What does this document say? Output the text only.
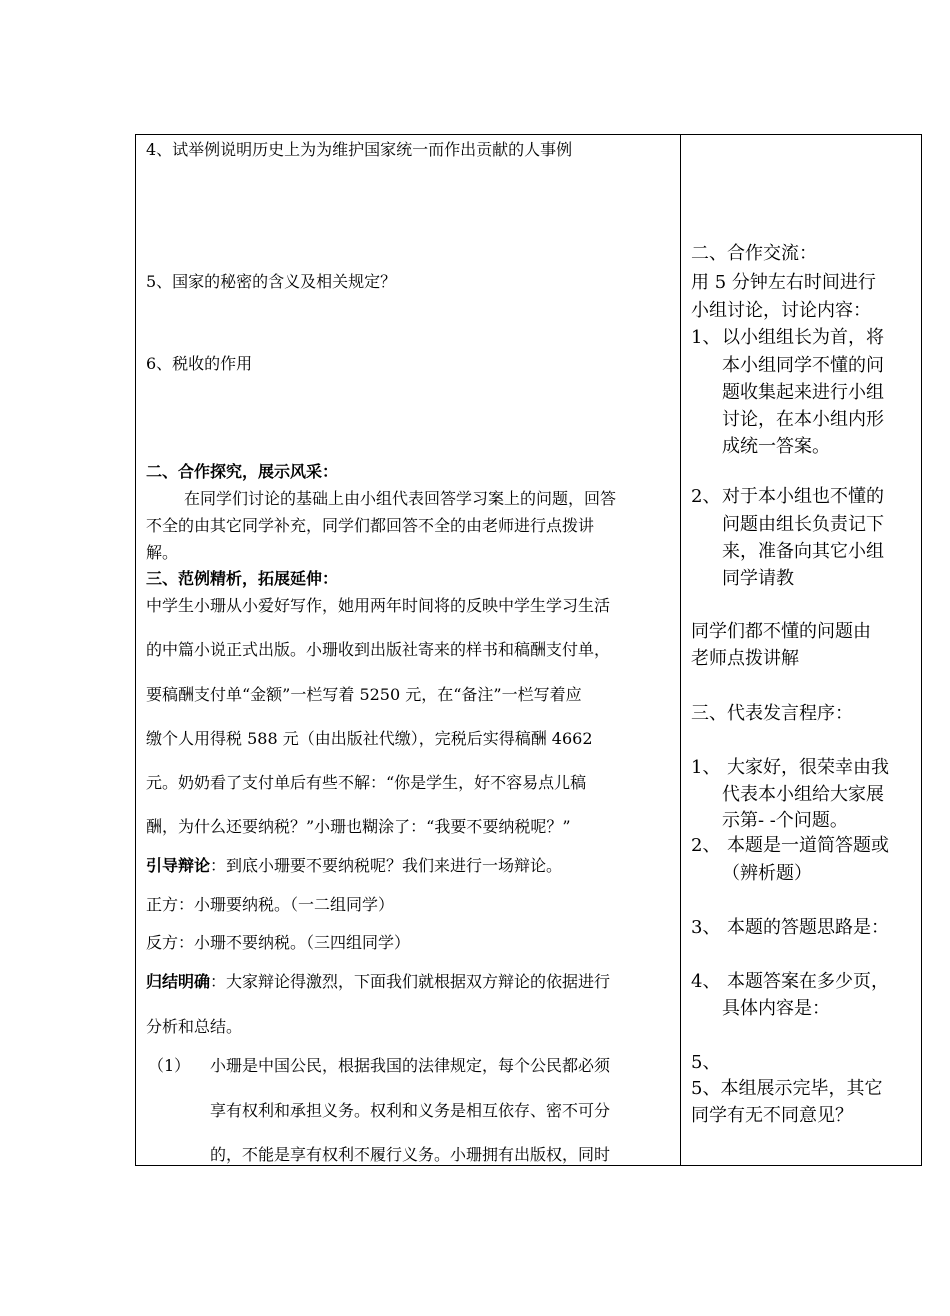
4、试举例说明历史上为为维护国家统一而作出贡献的人事例
5、国家的秘密的含义及相关规定？
6、税收的作用
二、合作探究，展示风采：
在同学们讨论的基础上由小组代表回答学习案上的问题，回答
不全的由其它同学补充，同学们都回答不全的由老师进行点拨讲
解。
三、范例精析，拓展延伸：
中学生小珊从小爱好写作，她用两年时间将的反映中学生学习生活
的中篇小说正式出版。小珊收到出版社寄来的样书和稿酬支付单，
要稿酬支付单“金额”一栏写着 5250 元，在“备注”一栏写着应
缴个人用得税 588 元（由出版社代缴），完税后实得稿酬 4662
元。奶奶看了支付单后有些不解：“你是学生，好不容易点儿稿
酬，为什么还要纳税？”小珊也糊涂了：“我要不要纳税呢？”
引导辩论：到底小珊要不要纳税呢？我们来进行一场辩论。
正方：小珊要纳税。（一二组同学）
反方：小珊不要纳税。（三四组同学）
归结明确：大家辩论得激烈，下面我们就根据双方辩论的依据进行
分析和总结。
（1） 小珊是中国公民，根据我国的法律规定，每个公民都必须
享有权利和承担义务。权利和义务是相互依存、密不可分
的，不能是享有权利不履行义务。小珊拥有出版权，同时
二、合作交流：
用 5 分钟左右时间进行
小组讨论，讨论内容：
1、 以小组组长为首，将
本小组同学不懂的问
题收集起来进行小组
讨论，在本小组内形
成统一答案。
2、 对于本小组也不懂的
问题由组长负责记下
来，准备向其它小组
同学请教
同学们都不懂的问题由
老师点拨讲解
三、代表发言程序：
1、 大家好，很荣幸由我
代表本小组给大家展
示第- -个问题。
2、 本题是一道简答题或
（辨析题）
3、 本题的答题思路是：
4、 本题答案在多少页，
具体内容是：
5、
5、本组展示完毕，其它
同学有无不同意见？
